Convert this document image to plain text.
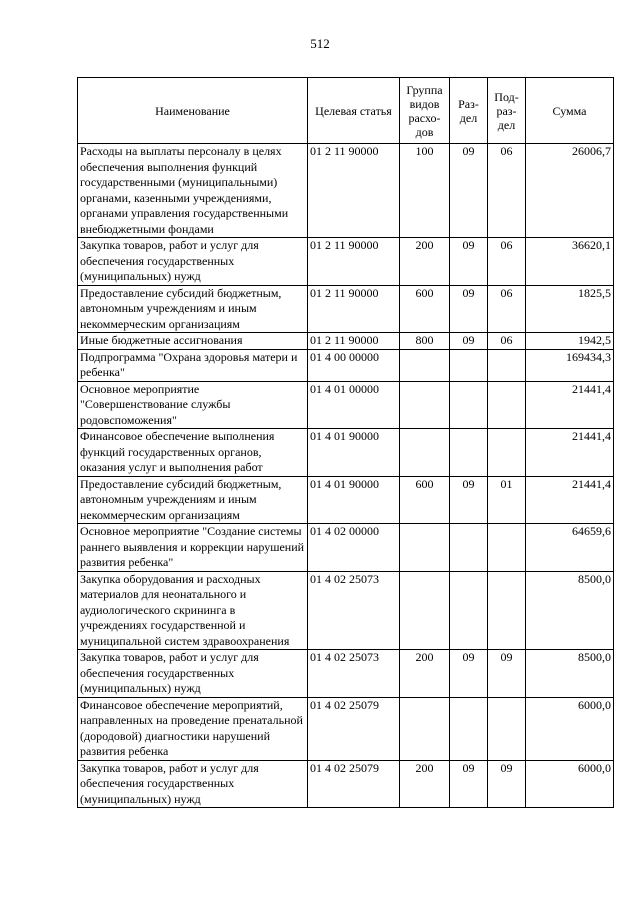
512
Наименование	Целевая статья	Группа видов расхо-дов	Раз-дел	Под-раз-дел	Сумма
Расходы на выплаты персоналу в целях обеспечения выполнения функций государственными (муниципальными) органами, казенными учреждениями, органами управления государственными внебюджетными фондами	01 2 11 90000	100	09	06	26006,7
Закупка товаров, работ и услуг для обеспечения государственных (муниципальных) нужд	01 2 11 90000	200	09	06	36620,1
Предоставление субсидий бюджетным, автономным учреждениям и иным некоммерческим организациям	01 2 11 90000	600	09	06	1825,5
Иные бюджетные ассигнования	01 2 11 90000	800	09	06	1942,5
Подпрограмма "Охрана здоровья матери и ребенка"	01 4 00 00000				169434,3
Основное мероприятие "Совершенствование службы родовспоможения"	01 4 01 00000				21441,4
Финансовое обеспечение выполнения функций государственных органов, оказания услуг и выполнения работ	01 4 01 90000				21441,4
Предоставление субсидий бюджетным, автономным учреждениям и иным некоммерческим организациям	01 4 01 90000	600	09	01	21441,4
Основное мероприятие "Создание системы раннего выявления и коррекции нарушений развития ребенка"	01 4 02 00000				64659,6
Закупка оборудования и расходных материалов для неонатального и аудиологического скрининга в учреждениях государственной и муниципальной систем здравоохранения	01 4 02 25073				8500,0
Закупка товаров, работ и услуг для обеспечения государственных (муниципальных) нужд	01 4 02 25073	200	09	09	8500,0
Финансовое обеспечение мероприятий, направленных на проведение пренатальной (дородовой) диагностики нарушений развития ребенка	01 4 02 25079				6000,0
Закупка товаров, работ и услуг для обеспечения государственных (муниципальных) нужд	01 4 02 25079	200	09	09	6000,0
